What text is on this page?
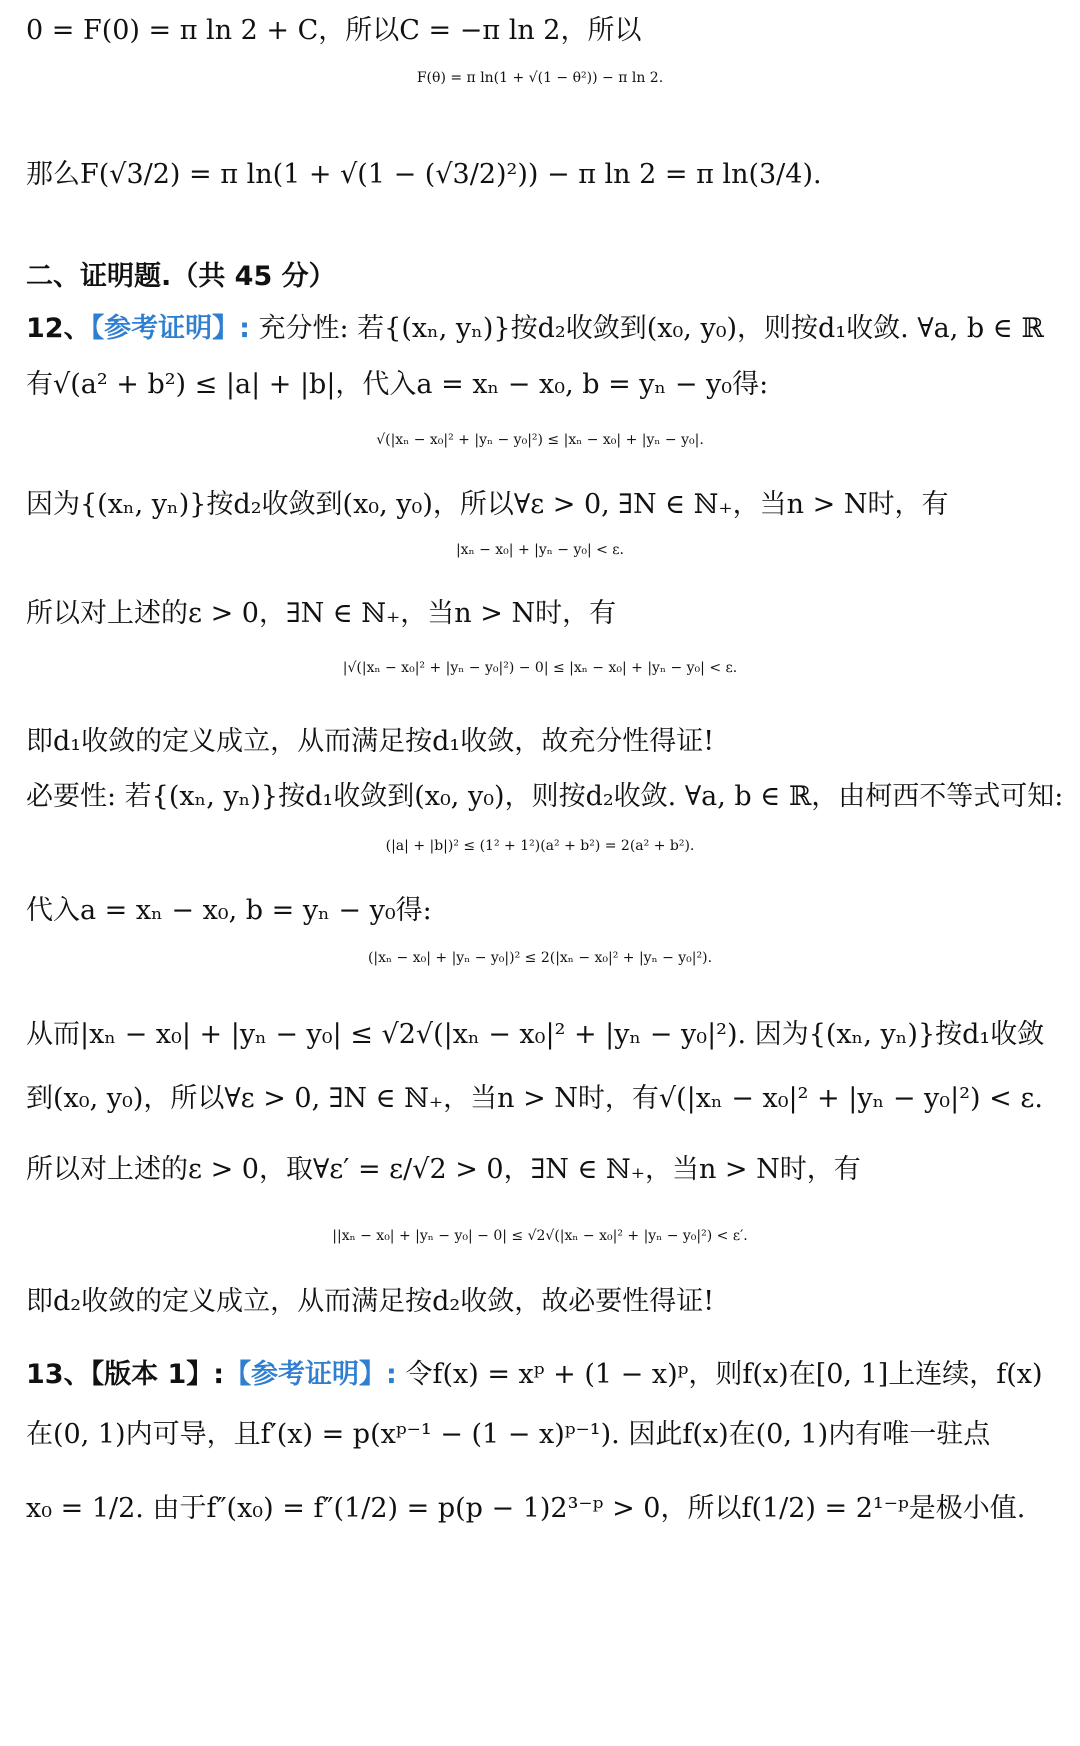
0 = F(0) = π ln 2 + C，所以C = −π ln 2，所以
F(θ) = π ln(1 + √(1 − θ²)) − π ln 2.
那么F(√3/2) = π ln(1 + √(1 − (√3/2)²)) − π ln 2 = π ln(3/4).
二、证明题.（共 45 分）
12、【参考证明】: 充分性: 若{(xₙ, yₙ)}按d₂收敛到(x₀, y₀)，则按d₁收敛. ∀a, b ∈ ℝ
有√(a² + b²) ≤ |a| + |b|，代入a = xₙ − x₀, b = yₙ − y₀得:
√(|xₙ − x₀|² + |yₙ − y₀|²) ≤ |xₙ − x₀| + |yₙ − y₀|.
因为{(xₙ, yₙ)}按d₂收敛到(x₀, y₀)，所以∀ε > 0, ∃N ∈ ℕ₊，当n > N时，有
|xₙ − x₀| + |yₙ − y₀| < ε.
所以对上述的ε > 0，∃N ∈ ℕ₊，当n > N时，有
|√(|xₙ − x₀|² + |yₙ − y₀|²) − 0| ≤ |xₙ − x₀| + |yₙ − y₀| < ε.
即d₁收敛的定义成立，从而满足按d₁收敛，故充分性得证!
必要性: 若{(xₙ, yₙ)}按d₁收敛到(x₀, y₀)，则按d₂收敛. ∀a, b ∈ ℝ，由柯西不等式可知:
(|a| + |b|)² ≤ (1² + 1²)(a² + b²) = 2(a² + b²).
代入a = xₙ − x₀, b = yₙ − y₀得:
(|xₙ − x₀| + |yₙ − y₀|)² ≤ 2(|xₙ − x₀|² + |yₙ − y₀|²).
从而|xₙ − x₀| + |yₙ − y₀| ≤ √2√(|xₙ − x₀|² + |yₙ − y₀|²). 因为{(xₙ, yₙ)}按d₁收敛
到(x₀, y₀)，所以∀ε > 0, ∃N ∈ ℕ₊，当n > N时，有√(|xₙ − x₀|² + |yₙ − y₀|²) < ε.
所以对上述的ε > 0，取∀ε′ = ε/√2 > 0，∃N ∈ ℕ₊，当n > N时，有
||xₙ − x₀| + |yₙ − y₀| − 0| ≤ √2√(|xₙ − x₀|² + |yₙ − y₀|²) < ε′.
即d₂收敛的定义成立，从而满足按d₂收敛，故必要性得证!
13、【版本 1】:【参考证明】: 令f(x) = xᵖ + (1 − x)ᵖ，则f(x)在[0, 1]上连续，f(x)
在(0, 1)内可导，且f′(x) = p(xᵖ⁻¹ − (1 − x)ᵖ⁻¹). 因此f(x)在(0, 1)内有唯一驻点
x₀ = 1/2. 由于f″(x₀) = f″(1/2) = p(p − 1)2³⁻ᵖ > 0，所以f(1/2) = 2¹⁻ᵖ是极小值.
